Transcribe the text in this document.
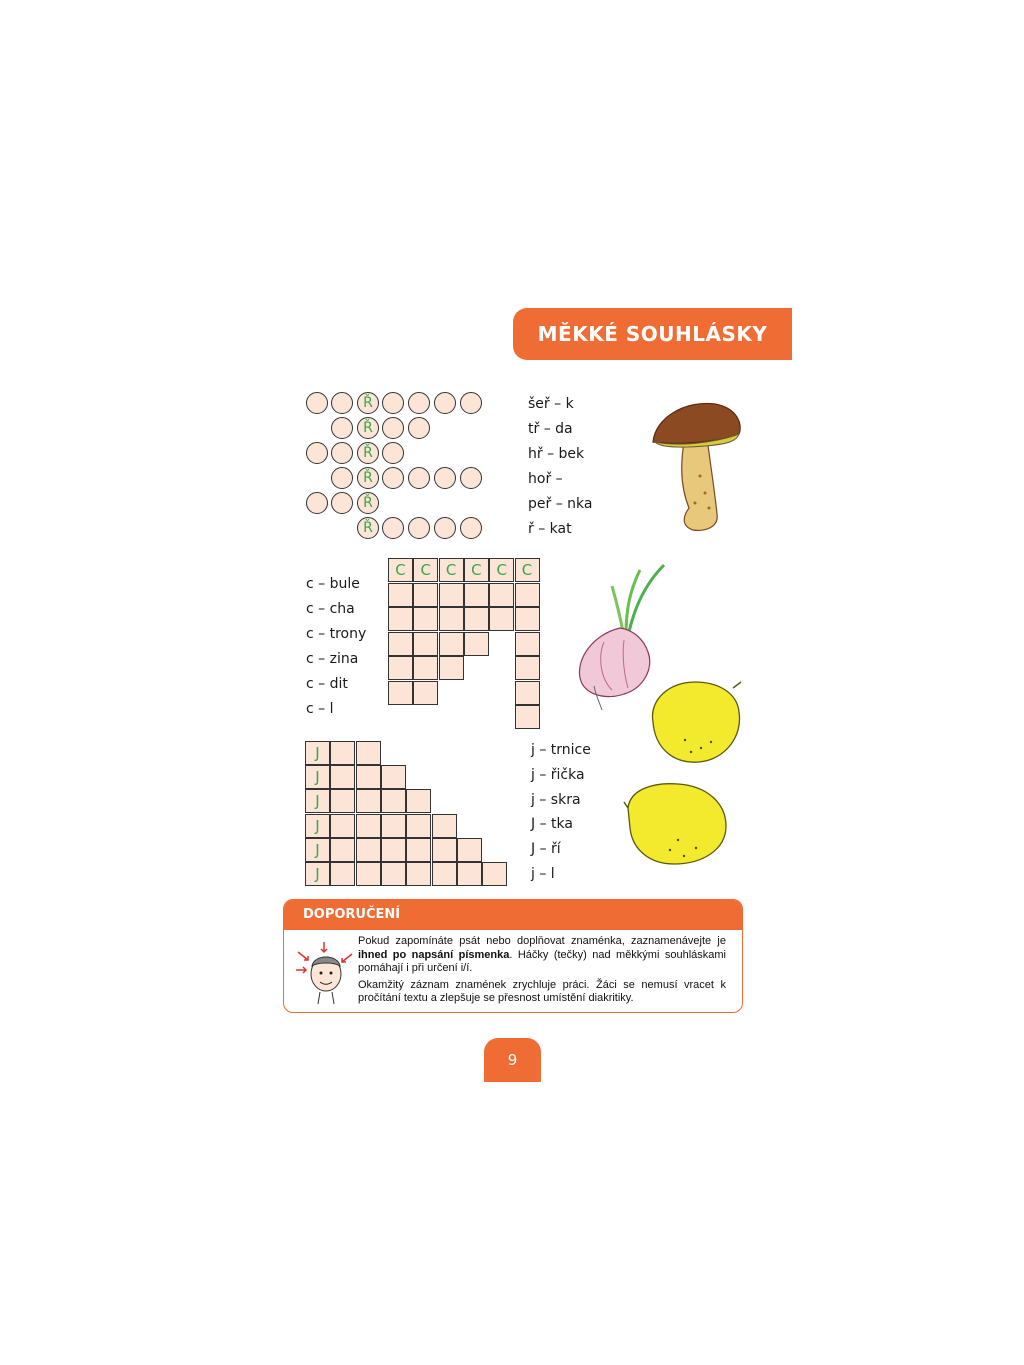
MĚKKÉ SOUHLÁSKY
Ř
Ř
Ř
Ř
Ř
Ř
šeř – k
tř – da
hř – bek
hoř –
peř – nka
ř – kat
C C C C C C
c – bule
c – cha
c – trony
c – zina
c – dit
c – l
J
J
J
J
J
J
j – trnice
j – řička
j – skra
J – tka
J – ří
j – l
DOPORUČENÍ

Pokud zapomínáte psát nebo doplňovat znaménka, zaznamenávejte je ihned po napsání písmenka. Háčky (tečky) nad měkkými souhláskami pomáhají i při určení i/í.

Okamžitý záznam znamének zrychluje práci. Žáci se nemusí vracet k pročítání textu a zlepšuje se přesnost umístění diakritiky.

9
